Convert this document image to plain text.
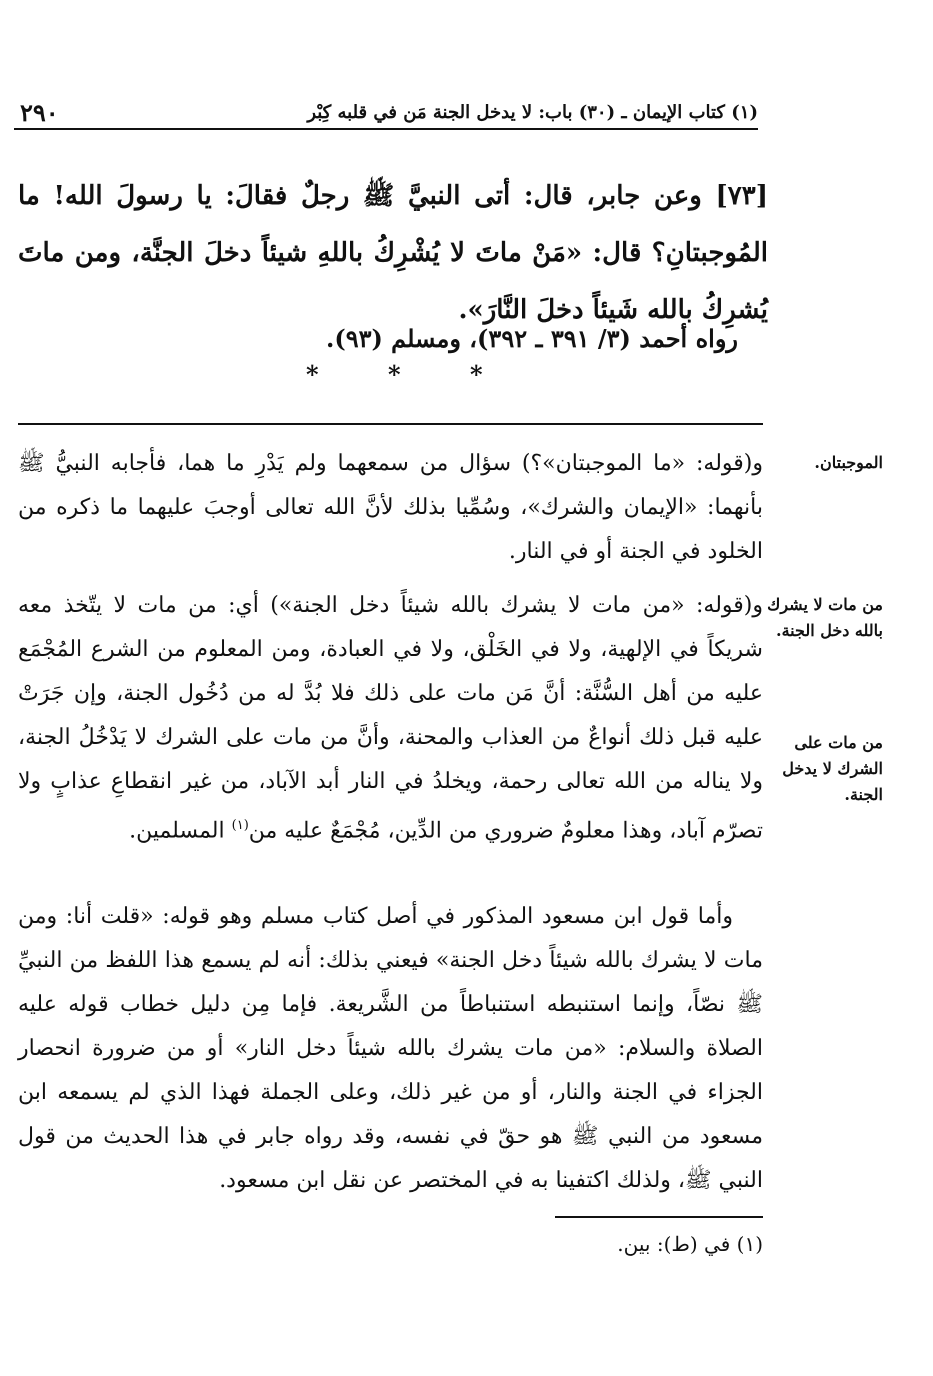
(١) كتاب الإيمان ـ (٣٠) باب: لا يدخل الجنة مَن في قلبه كِبْر
٢٩٠
[٧٣] وعن جابر، قال: أتى النبيَّ ﷺ رجلٌ فقالَ: يا رسولَ الله! ما المُوجبتانِ؟ قال: «مَنْ ماتَ لا يُشْرِكُ باللهِ شيئاً دخلَ الجنَّة، ومن ماتَ يُشرِكُ بالله شَيئاً دخلَ النَّارَ».
رواه أحمد (٣/ ٣٩١ ـ ٣٩٢)، ومسلم (٩٣).
*
*
*
الموجبتان.
من مات لا يشرك بالله دخل الجنة.
من مات على الشرك لا يدخل الجنة.
و(قوله: «ما الموجبتان»؟) سؤال من سمعهما ولم يَدْرِ ما هما، فأجابه النبيُّ ﷺ بأنهما: «الإيمان والشرك»، وسُمِّيا بذلك لأنَّ الله تعالى أوجبَ عليهما ما ذكره من الخلود في الجنة أو في النار.
و(قوله: «من مات لا يشرك بالله شيئاً دخل الجنة») أي: من مات لا يتّخذ معه شريكاً في الإلهية، ولا في الخَلْق، ولا في العبادة، ومن المعلوم من الشرع المُجْمَع عليه من أهل السُّنَّة: أنَّ مَن مات على ذلك فلا بُدَّ له من دُخُول الجنة، وإن جَرَتْ عليه قبل ذلك أنواعٌ من العذاب والمحنة، وأنَّ من مات على الشرك لا يَدْخُلُ الجنة، ولا يناله من الله تعالى رحمة، ويخلدُ في النار أبد الآباد، من غير انقطاعِ عذابٍ ولا تصرّم آباد، وهذا معلومٌ ضروري من الدِّين، مُجْمَعٌ عليه من$^{(١)}$ المسلمين.
وأما قول ابن مسعود المذكور في أصل كتاب مسلم وهو قوله: «قلت أنا: ومن مات لا يشرك بالله شيئاً دخل الجنة» فيعني بذلك: أنه لم يسمع هذا اللفظ من النبيِّ ﷺ نصّاً، وإنما استنبطه استنباطاً من الشَّريعة. فإما مِن دليل خطاب قوله عليه الصلاة والسلام: «من مات يشرك بالله شيئاً دخل النار» أو من ضرورة انحصار الجزاء في الجنة والنار، أو من غير ذلك، وعلى الجملة فهذا الذي لم يسمعه ابن مسعود من النبي ﷺ هو حقّ في نفسه، وقد رواه جابر في هذا الحديث من قول النبي ﷺ، ولذلك اكتفينا به في المختصر عن نقل ابن مسعود.
(١) في (ط): بين.
